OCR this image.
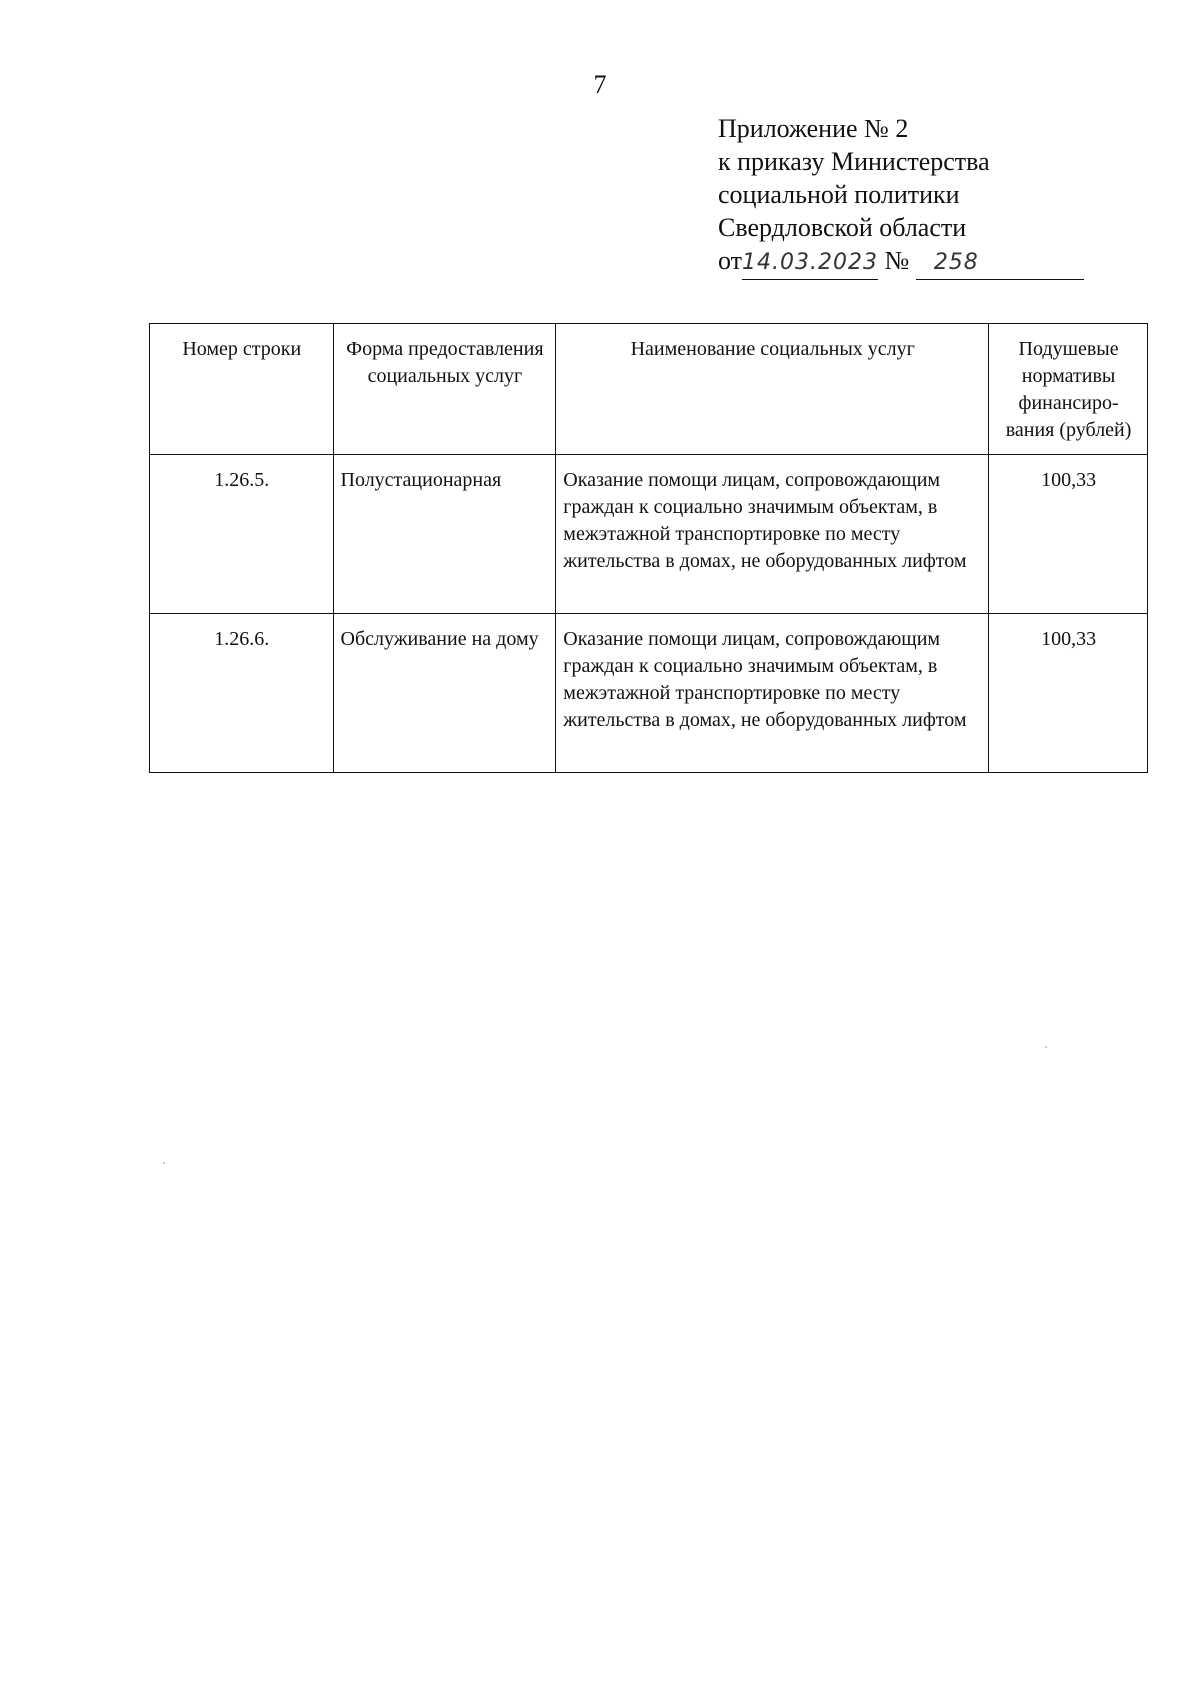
7
Приложение № 2
к приказу Министерства
социальной политики
Свердловской области
от14.03.2023 № 258
Номер строки	Форма предоставления социальных услуг	Наименование социальных услуг	Подушевые нормативы финансиро-вания (рублей)
1.26.5.	Полустационарная	Оказание помощи лицам, сопровождающим граждан к социально значимым объектам, в межэтажной транспортировке по месту жительства в домах, не оборудованных лифтом	100,33
1.26.6.	Обслуживание на дому	Оказание помощи лицам, сопровождающим граждан к социально значимым объектам, в межэтажной транспортировке по месту жительства в домах, не оборудованных лифтом	100,33
